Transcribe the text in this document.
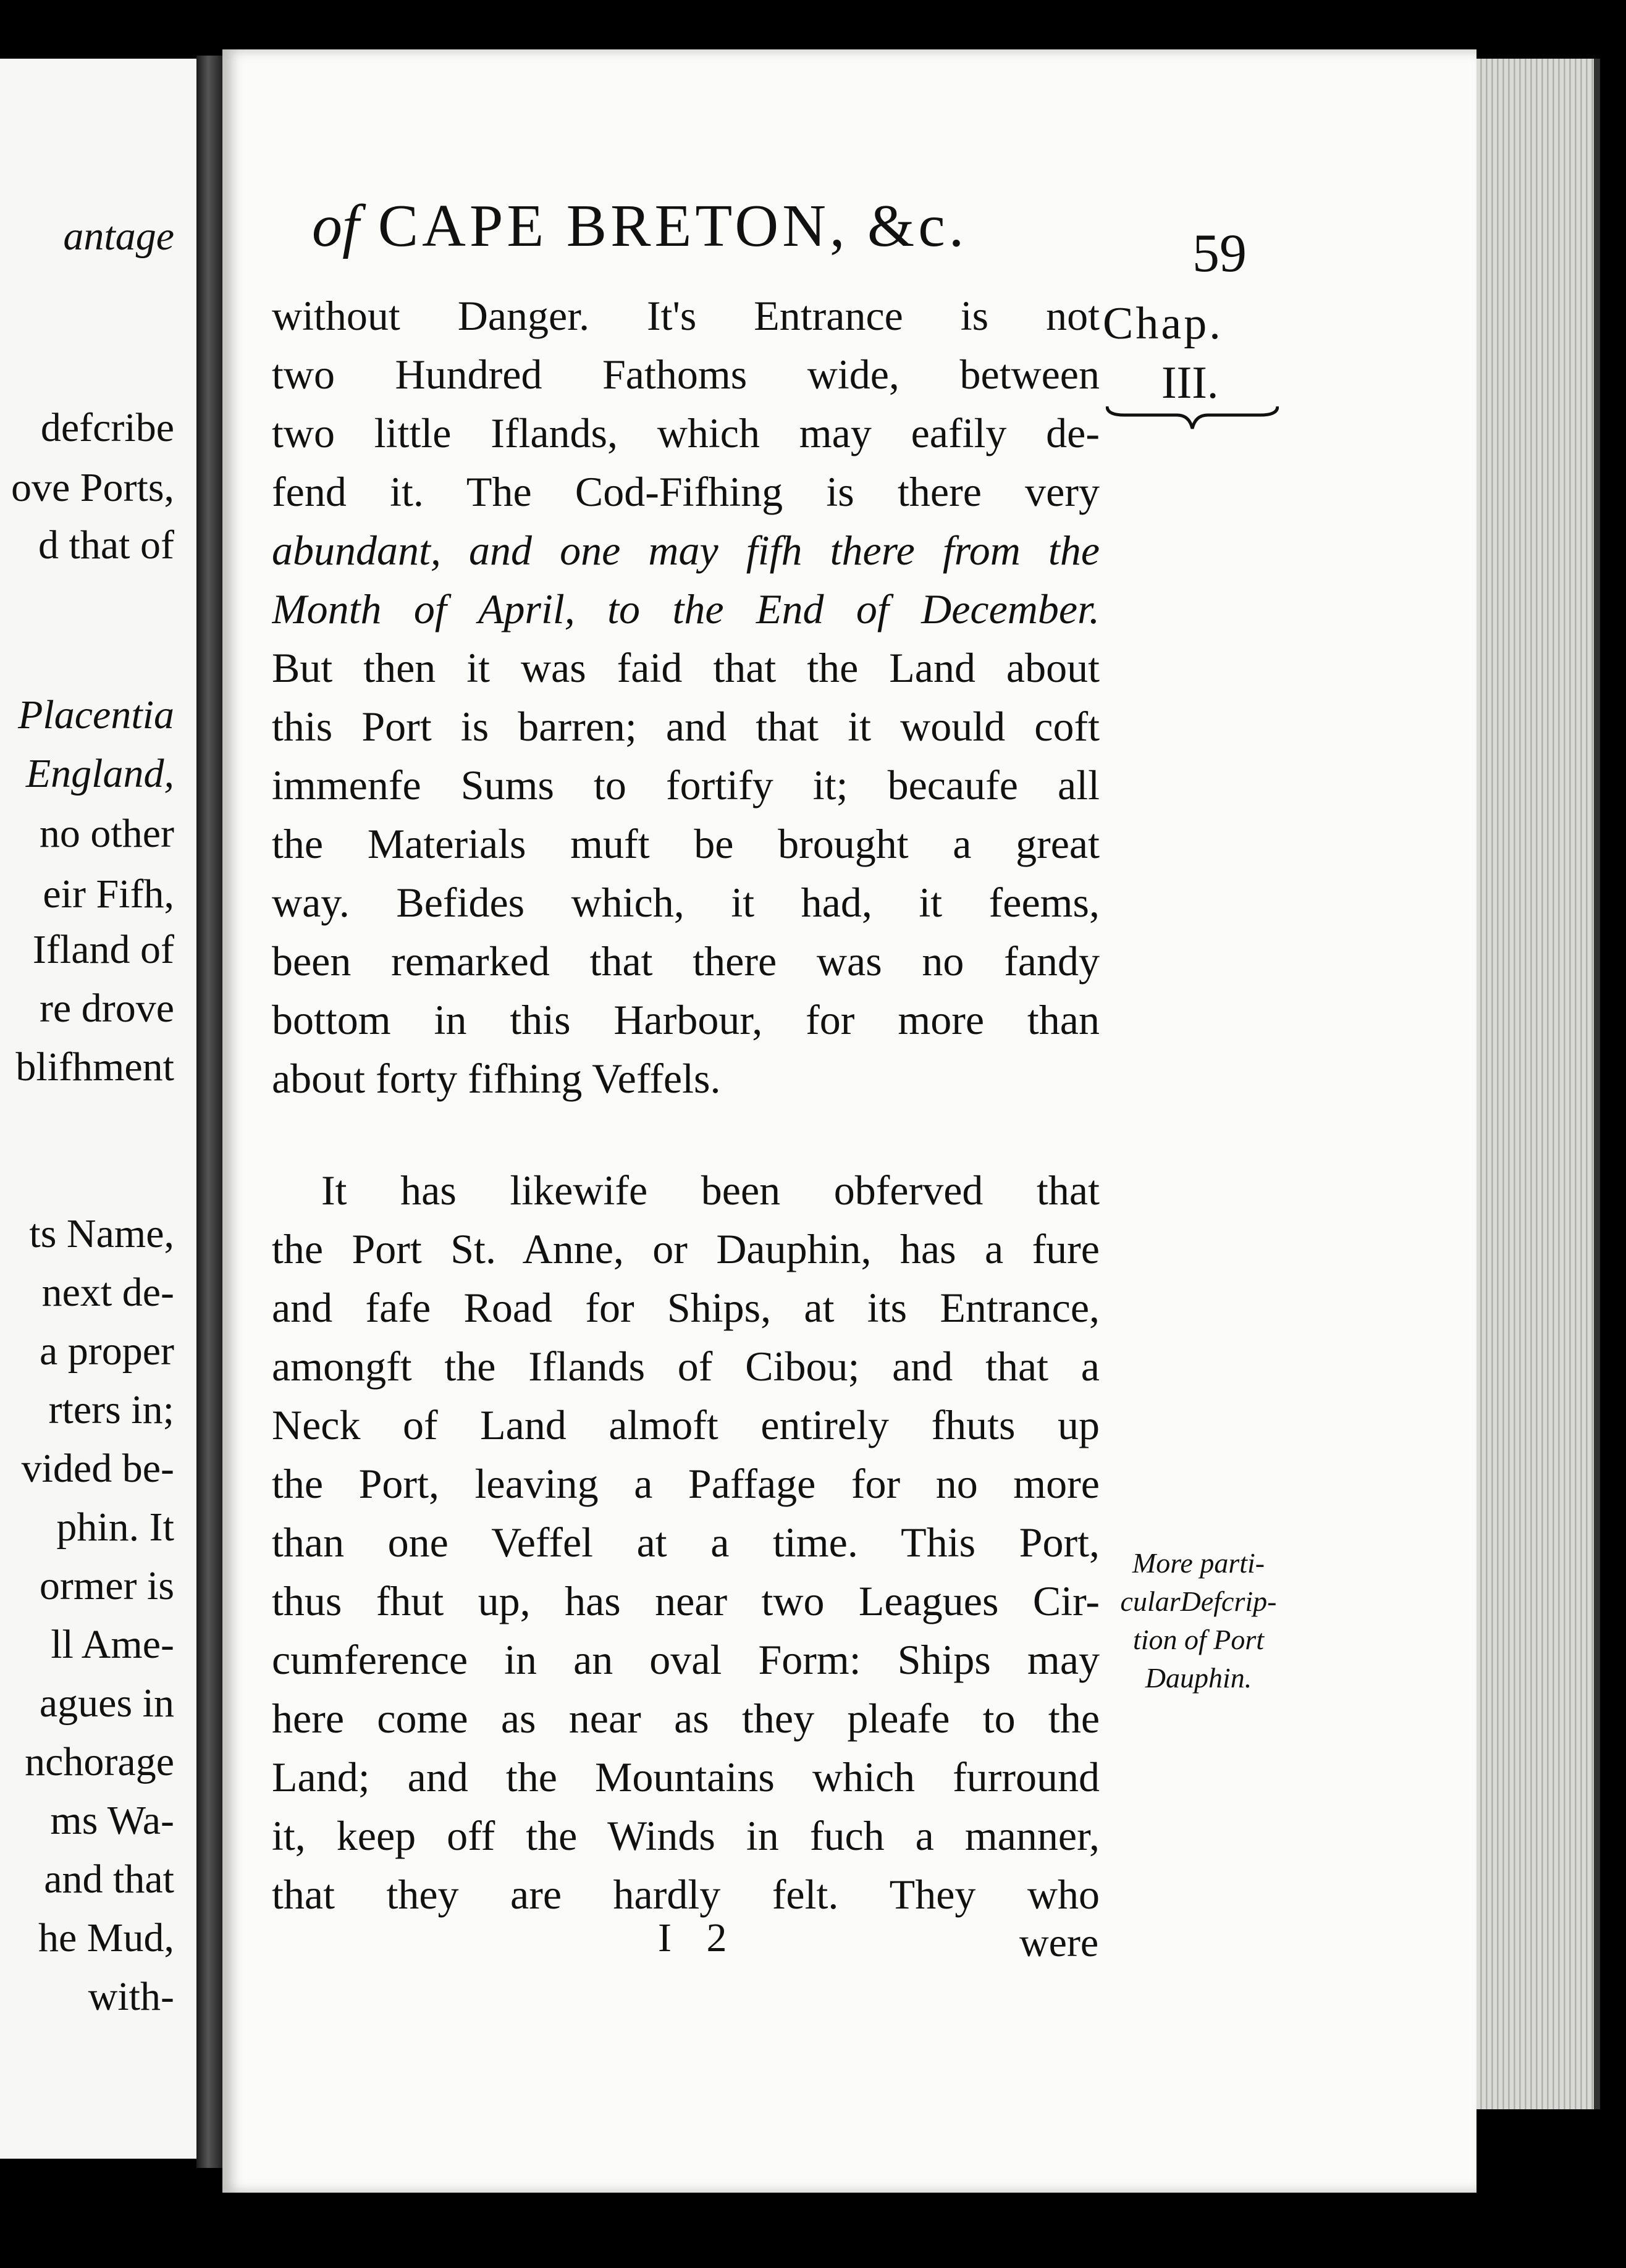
antage
defcribe
ove Ports,
d that of
Placentia
England,
no other
eir Fifh,
Ifland of
re drove
blifhment
ts Name,
next de-
a proper
rters in;
vided be-
phin. It
ormer is
ll Ame-
agues in
nchorage
ms Wa-
and that
he Mud,
with-
of CAPE BRETON, &c.	59
Chap.
III.
without Danger. It's Entrance is not
two Hundred Fathoms wide, between
two little Iflands, which may eafily de-
fend it. The Cod-Fifhing is there very
abundant, and one may fifh there from the
Month of April, to the End of December.
But then it was faid that the Land about
this Port is barren; and that it would coft
immenfe Sums to fortify it; becaufe all
the Materials muft be brought a great
way. Befides which, it had, it feems,
been remarked that there was no fandy
bottom in this Harbour, for more than
about forty fifhing Veffels.
It has likewife been obferved that
the Port St. Anne, or Dauphin, has a fure
and fafe Road for Ships, at its Entrance,
amongft the Iflands of Cibou; and that a
Neck of Land almoft entirely fhuts up
the Port, leaving a Paffage for no more
than one Veffel at a time. This Port,
thus fhut up, has near two Leagues Cir-
cumference in an oval Form: Ships may
here come as near as they pleafe to the
Land; and the Mountains which furround
it, keep off the Winds in fuch a manner,
that they are hardly felt. They who
I 2	were
More parti-cularDefcrip-tion of Port Dauphin.
